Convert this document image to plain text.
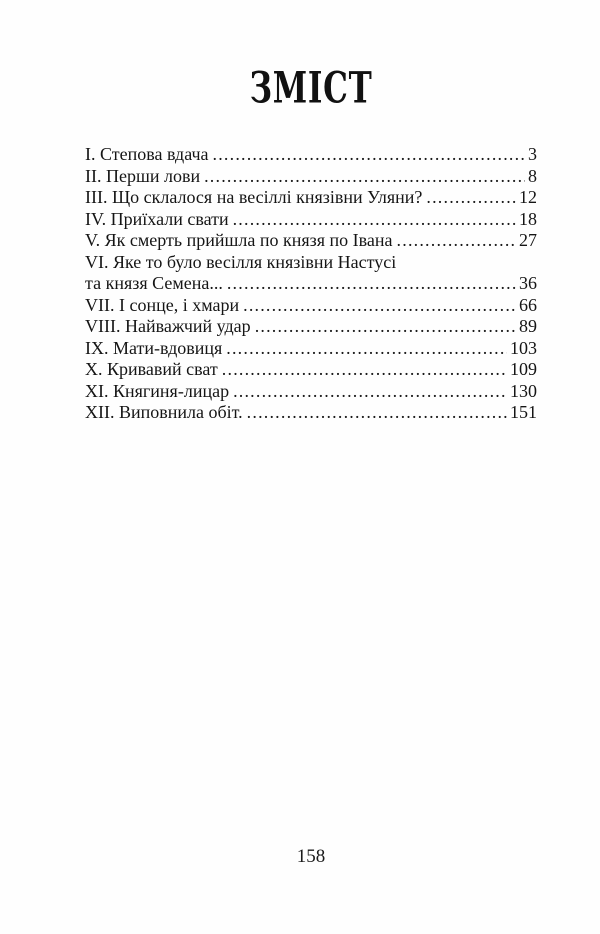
ЗМІСТ
I. Степова вдача .....	3
II. Перши лови .....	8
III. Що склалося на весіллі князівни Уляни? .....	12
IV. Приїхали свати .....	18
V. Як смерть прийшла по князя по Івана .....	27
VI. Яке то було весілля князівни Настусі
та князя Семена... .....	36
VII. І сонце, і хмари .....	66
VIII. Найважчий удар .....	89
IX. Мати-вдовиця .....	103
X. Кривавий сват .....	109
XI. Княгиня-лицар .....	130
XII. Виповнила обіт. .....	151
158
